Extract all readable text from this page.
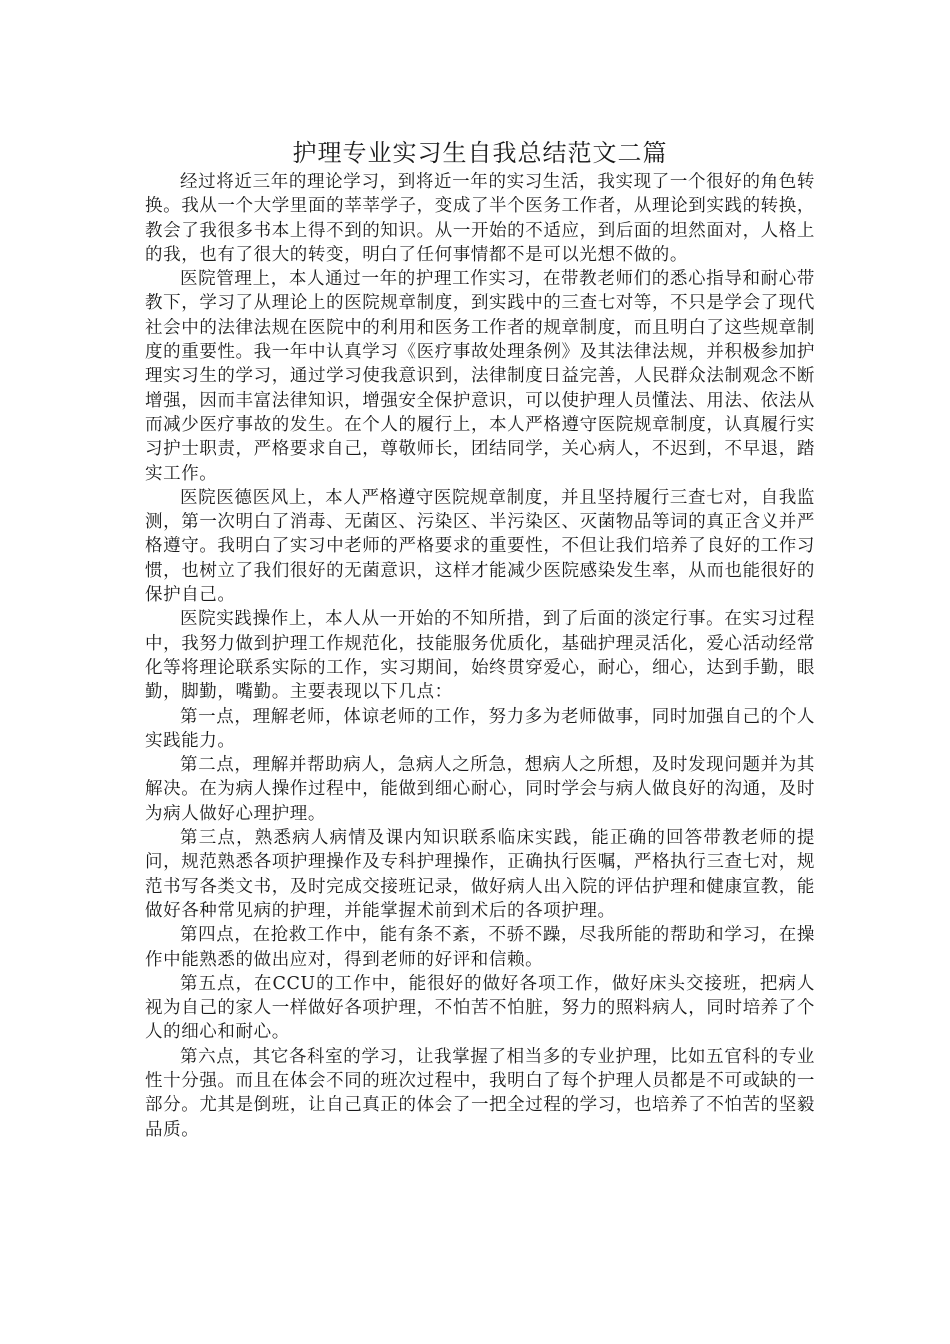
护理专业实习生自我总结范文二篇

经过将近三年的理论学习，到将近一年的实习生活，我实现了一个很好的角色转换。我从一个大学里面的莘莘学子，变成了半个医务工作者，从理论到实践的转换，教会了我很多书本上得不到的知识。从一开始的不适应，到后面的坦然面对，人格上的我，也有了很大的转变，明白了任何事情都不是可以光想不做的。

医院管理上，本人通过一年的护理工作实习，在带教老师们的悉心指导和耐心带教下，学习了从理论上的医院规章制度，到实践中的三查七对等，不只是学会了现代社会中的法律法规在医院中的利用和医务工作者的规章制度，而且明白了这些规章制度的重要性。我一年中认真学习《医疗事故处理条例》及其法律法规，并积极参加护理实习生的学习，通过学习使我意识到，法律制度日益完善，人民群众法制观念不断增强，因而丰富法律知识，增强安全保护意识，可以使护理人员懂法、用法、依法从而减少医疗事故的发生。在个人的履行上，本人严格遵守医院规章制度，认真履行实习护士职责，严格要求自己，尊敬师长，团结同学，关心病人，不迟到，不早退，踏实工作。

医院医德医风上，本人严格遵守医院规章制度，并且坚持履行三查七对，自我监测，第一次明白了消毒、无菌区、污染区、半污染区、灭菌物品等词的真正含义并严格遵守。我明白了实习中老师的严格要求的重要性，不但让我们培养了良好的工作习惯，也树立了我们很好的无菌意识，这样才能减少医院感染发生率，从而也能很好的保护自己。

医院实践操作上，本人从一开始的不知所措，到了后面的淡定行事。在实习过程中，我努力做到护理工作规范化，技能服务优质化，基础护理灵活化，爱心活动经常化等将理论联系实际的工作，实习期间，始终贯穿爱心，耐心，细心，达到手勤，眼勤，脚勤，嘴勤。主要表现以下几点：

第一点，理解老师，体谅老师的工作，努力多为老师做事，同时加强自己的个人实践能力。

第二点，理解并帮助病人，急病人之所急，想病人之所想，及时发现问题并为其解决。在为病人操作过程中，能做到细心耐心，同时学会与病人做良好的沟通，及时为病人做好心理护理。

第三点，熟悉病人病情及课内知识联系临床实践，能正确的回答带教老师的提问，规范熟悉各项护理操作及专科护理操作，正确执行医嘱，严格执行三查七对，规范书写各类文书，及时完成交接班记录，做好病人出入院的评估护理和健康宣教，能做好各种常见病的护理，并能掌握术前到术后的各项护理。

第四点，在抢救工作中，能有条不紊，不骄不躁，尽我所能的帮助和学习，在操作中能熟悉的做出应对，得到老师的好评和信赖。

第五点，在CCU的工作中，能很好的做好各项工作，做好床头交接班，把病人视为自己的家人一样做好各项护理，不怕苦不怕脏，努力的照料病人，同时培养了个人的细心和耐心。

第六点，其它各科室的学习，让我掌握了相当多的专业护理，比如五官科的专业性十分强。而且在体会不同的班次过程中，我明白了每个护理人员都是不可或缺的一部分。尤其是倒班，让自己真正的体会了一把全过程的学习，也培养了不怕苦的坚毅品质。
